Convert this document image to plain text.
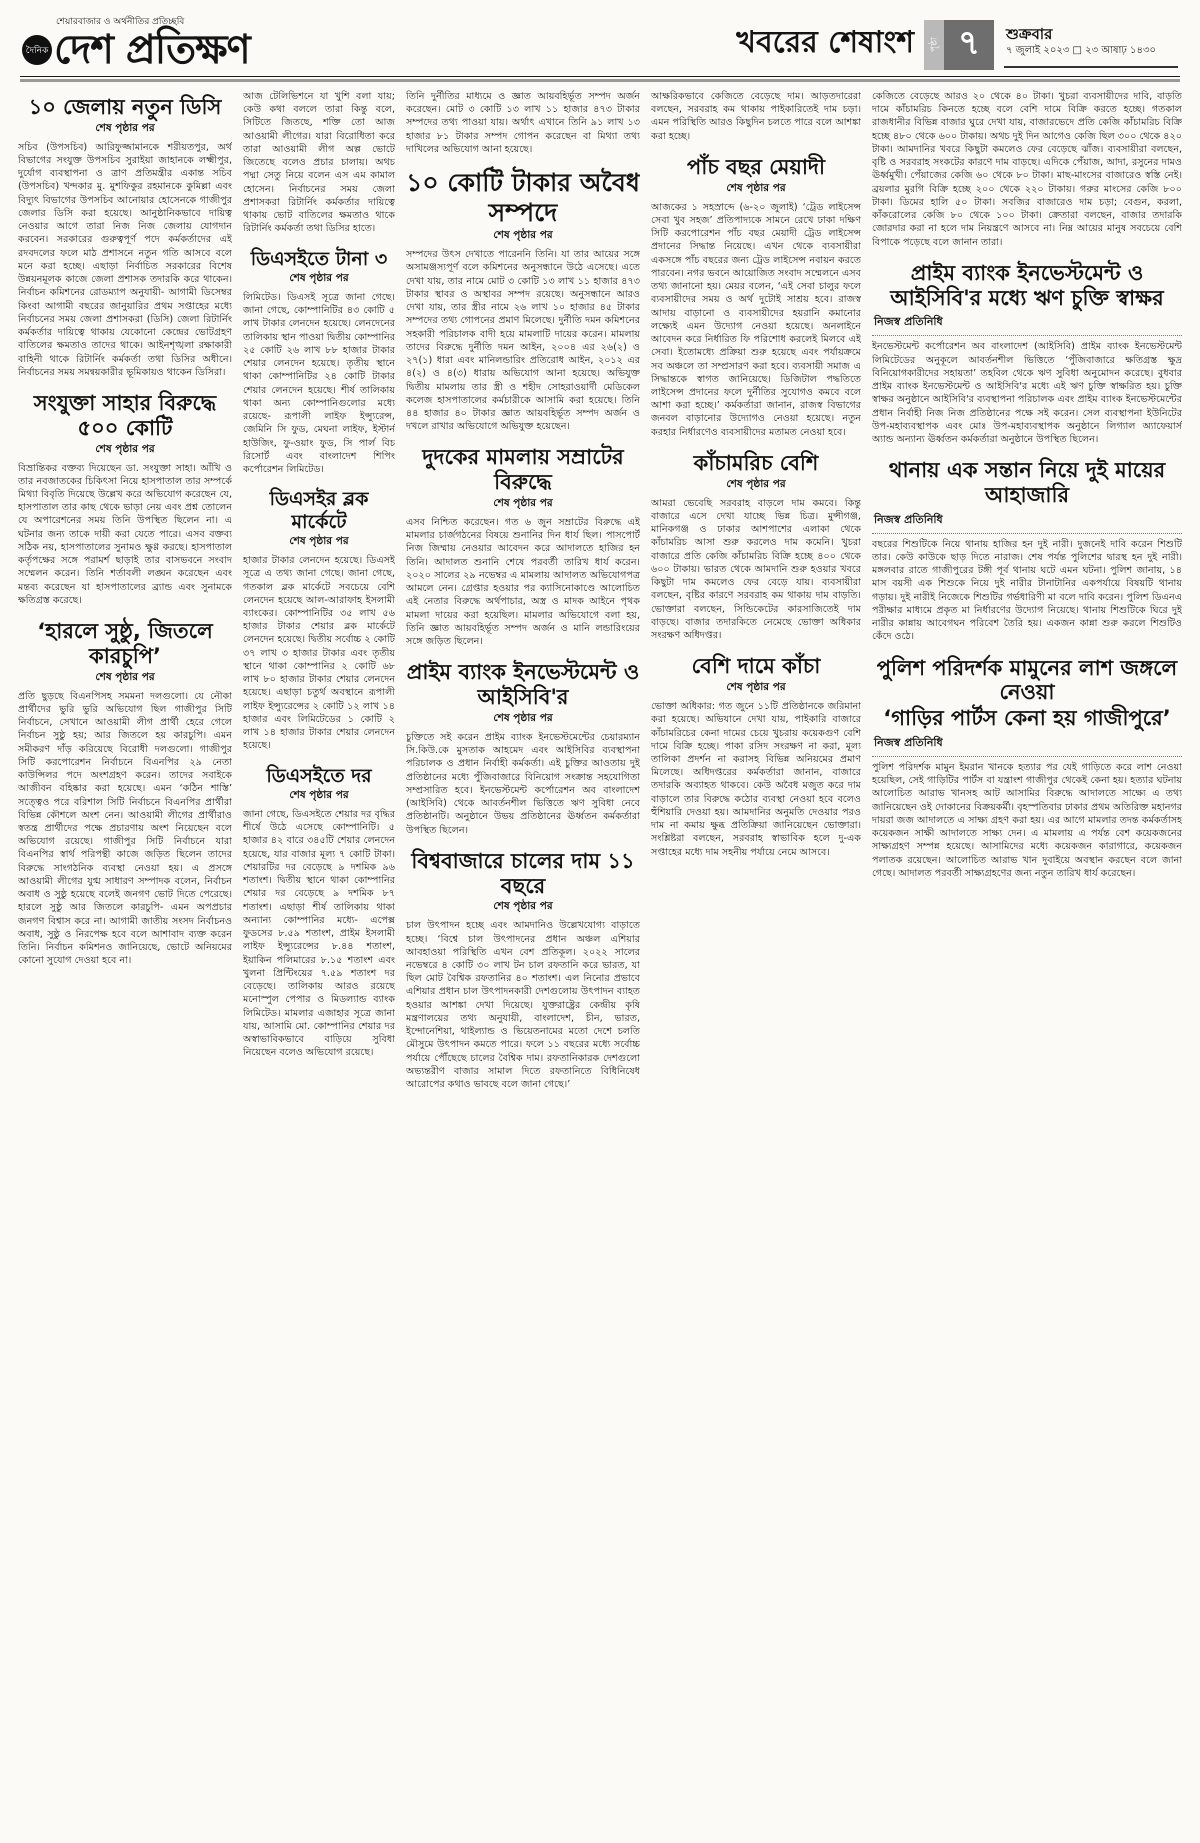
শেয়ারবাজার ও অর্থনীতির প্রতিচ্ছবি
দৈনিক দেশ প্রতিক্ষণ	খবরের শেষাংশ	পৃষ্ঠা ৭	শুক্রবার
৭ জুলাই ২০২৩ □ ২৩ আষাঢ় ১৪৩০
১০ জেলায় নতুন ডিসি
শেষ পৃষ্ঠার পর

সচিব (উপসচিব) আরিফুজ্জামানকে শরীয়তপুর, অর্থ বিভাগের সংযুক্ত উপসচিব সুরাইয়া জাহানকে লক্ষ্মীপুর, দুর্যোগ ব্যবস্থাপনা ও ত্রাণ প্রতিমন্ত্রীর একান্ত সচিব (উপসচিব) খন্দকার মু. মুশফিকুর রহমানকে কুমিল্লা এবং বিদ্যুৎ বিভাগের উপসচিব আনোয়ার হোসেনকে গাজীপুর জেলার ডিসি করা হয়েছে। আনুষ্ঠানিকভাবে দায়িত্ব নেওয়ার আগে তারা নিজ নিজ জেলায় যোগদান করবেন। সরকারের গুরুত্বপূর্ণ পদে কর্মকর্তাদের এই রদবদলের ফলে মাঠ প্রশাসনে নতুন গতি আসবে বলে মনে করা হচ্ছে। এছাড়া নির্বাচিত সরকারের বিশেষ উন্নয়নমূলক কাজে জেলা প্রশাসক তদারকি করে থাকেন। নির্বাচন কমিশনের রোডম্যাপ অনুযায়ী- আগামী ডিসেম্বর কিংবা আগামী বছরের জানুয়ারির প্রথম সপ্তাহের মধ্যে নির্বাচনের সময় জেলা প্রশাসকরা (ডিসি) জেলা রিটার্নিং কর্মকর্তার দায়িত্বে থাকায় যেকোনো কেন্দ্রের ভোটগ্রহণ বাতিলের ক্ষমতাও তাদের থাকে। আইনশৃঙ্খলা রক্ষাকারী বাহিনী থাকে রিটার্নিং কর্মকর্তা তথা ডিসির অধীনে। নির্বাচনের সময় সমন্বয়কারীর ভূমিকায়ও থাকেন ডিসিরা।

সংযুক্তা সাহার বিরুদ্ধে ৫০০ কোটি
শেষ পৃষ্ঠার পর

বিভ্রান্তিকর বক্তব্য দিয়েছেন ডা. সংযুক্তা সাহা। আঁখি ও তার নবজাতকের চিকিৎসা নিয়ে হাসপাতাল তার সম্পর্কে মিথ্যা বিবৃতি দিয়েছে উল্লেখ করে অভিযোগ করেছেন যে, হাসপাতাল তার কাছ থেকে ভাড়া নেয় এবং প্রশ্ন তোলেন যে অপারেশনের সময় তিনি উপস্থিত ছিলেন না। এ ঘটনার জন্য তাকে দায়ী করা যেতে পারে। এসব বক্তব্য সঠিক নয়, হাসপাতালের সুনামও ক্ষুণ্ণ করছে। হাসপাতাল কর্তৃপক্ষের সঙ্গে পরামর্শ ছাড়াই তার বাসভবনে সংবাদ সম্মেলন করেন। তিনি শর্তাবলী লঙ্ঘন করেছেন এবং মন্তব্য করেছেন যা হাসপাতালের ব্র্যান্ড এবং সুনামকে ক্ষতিগ্রস্ত করেছে।

‘হারলে সুষ্ঠু, জিতলে কারচুপি’
শেষ পৃষ্ঠার পর

প্রতি ছুড়ছে বিএনপিসহ সমমনা দলগুলো। যে নৌকা প্রার্থীদের ভুরি ভুরি অভিযোগ ছিল গাজীপুর সিটি নির্বাচনে, সেখানে আওয়ামী লীগ প্রার্থী হেরে গেলে নির্বাচন সুষ্ঠু হয়; আর জিতলে হয় কারচুপি। এমন সমীকরণ দাঁড় করিয়েছে বিরোধী দলগুলো। গাজীপুর সিটি করপোরেশন নির্বাচনে বিএনপির ২৯ নেতা কাউন্সিলর পদে অংশগ্রহণ করেন। তাদের সবাইকে আজীবন বহিষ্কার করা হয়েছে। এমন ‘কঠিন শাস্তি’ সত্ত্বেও পরে বরিশাল সিটি নির্বাচনে বিএনপির প্রার্থীরা বিভিন্ন কৌশলে অংশ নেন। আওয়ামী লীগের প্রার্থীরাও স্বতন্ত্র প্রার্থীদের পক্ষে প্রচারণায় অংশ নিয়েছেন বলে অভিযোগ রয়েছে। গাজীপুর সিটি নির্বাচনে যারা বিএনপির স্বার্থ পরিপন্থী কাজে জড়িত ছিলেন তাদের বিরুদ্ধে সাংগঠনিক ব্যবস্থা নেওয়া হয়। এ প্রসঙ্গে আওয়ামী লীগের যুগ্ম সাধারণ সম্পাদক বলেন, নির্বাচন অবাধ ও সুষ্ঠু হয়েছে বলেই জনগণ ভোট দিতে পেরেছে। হারলে সুষ্ঠু আর জিতলে কারচুপি- এমন অপপ্রচার জনগণ বিশ্বাস করে না। আগামী জাতীয় সংসদ নির্বাচনও অবাধ, সুষ্ঠু ও নিরপেক্ষ হবে বলে আশাবাদ ব্যক্ত করেন তিনি। নির্বাচন কমিশনও জানিয়েছে, ভোটে অনিয়মের কোনো সুযোগ দেওয়া হবে না।

আজ টেলিভিশনে যা খুশি বলা যায়; কেউ কথা বললে তারা কিন্তু বলে, সিটিতে জিতছে, শক্তি তো আজ আওয়ামী লীগের। যারা বিরোধিতা করে তারা আওয়ামী লীগ অল্প ভোটে জিতেছে বলেও প্রচার চালায়। অথচ পদ্মা সেতু নিয়ে বলেন এস এম কামাল হোসেন। নির্বাচনের সময় জেলা প্রশাসকরা রিটার্নিং কর্মকর্তার দায়িত্বে থাকায় ভোট বাতিলের ক্ষমতাও থাকে রিটার্নিং কর্মকর্তা তথা ডিসির হাতে।

ডিএসইতে টানা ৩
শেষ পৃষ্ঠার পর

লিমিটেড। ডিএসই সূত্রে জানা গেছে। জানা গেছে, কোম্পানিটির ৪৩ কোটি ৫ লাখ টাকার লেনদেন হয়েছে। লেনদেনের তালিকায় স্থান পাওয়া দ্বিতীয় কোম্পানির ২৫ কোটি ২৬ লাখ ৮৮ হাজার টাকার শেয়ার লেনদেন হয়েছে। তৃতীয় স্থানে থাকা কোম্পানিটির ২৪ কোটি টাকার শেয়ার লেনদেন হয়েছে। শীর্ষ তালিকায় থাকা অন্য কোম্পানিগুলোর মধ্যে রয়েছে- রূপালী লাইফ ইন্স্যুরেন্স, জেমিনি সি ফুড, মেঘনা লাইফ, ইস্টার্ন হাউজিং, ফু-ওয়াং ফুড, সি পার্ল বিচ রিসোর্ট এবং বাংলাদেশ শিপিং কর্পোরেশন লিমিটেড।

ডিএসইর ব্লক মার্কেটে
শেষ পৃষ্ঠার পর

হাজার টাকার লেনদেন হয়েছে। ডিএসই সূত্রে এ তথ্য জানা গেছে। জানা গেছে, গতকাল ব্লক মার্কেটে সবচেয়ে বেশি লেনদেন হয়েছে আল-আরাফাহ ইসলামী ব্যাংকের। কোম্পানিটির ৩৫ লাখ ৫৬ হাজার টাকার শেয়ার ব্লক মার্কেটে লেনদেন হয়েছে। দ্বিতীয় সর্বোচ্চ ২ কোটি ৩৭ লাখ ৩ হাজার টাকার এবং তৃতীয় স্থানে থাকা কোম্পানির ২ কোটি ৬৮ লাখ ৮০ হাজার টাকার শেয়ার লেনদেন হয়েছে। এছাড়া চতুর্থ অবস্থানে রূপালী লাইফ ইন্স্যুরেন্সের ২ কোটি ১২ লাখ ১৪ হাজার এবং লিমিটেডের ১ কোটি ২ লাখ ১৪ হাজার টাকার শেয়ার লেনদেন হয়েছে।

ডিএসইতে দর
শেষ পৃষ্ঠার পর

জানা গেছে, ডিএসইতে শেয়ার দর বৃদ্ধির শীর্ষে উঠে এসেছে কোম্পানিটি। ৫ হাজার ৪২ বারে ৩৪৫টি শেয়ার লেনদেন হয়েছে, যার বাজার মূল্য ৭ কোটি টাকা। শেয়ারটির দর বেড়েছে ৯ দশমিক ৯৬ শতাংশ। দ্বিতীয় স্থানে থাকা কোম্পানির শেয়ার দর বেড়েছে ৯ দশমিক ৮৭ শতাংশ। এছাড়া শীর্ষ তালিকায় থাকা অন্যান্য কোম্পানির মধ্যে- এপেক্স ফুডসের ৮.৫৯ শতাংশ, প্রাইম ইসলামী লাইফ ইন্স্যুরেন্সের ৮.৪৪ শতাংশ, ইয়াকিন পলিমারের ৮.১৫ শতাংশ এবং খুলনা প্রিন্টিংয়ের ৭.৫৯ শতাংশ দর বেড়েছে। তালিকায় আরও রয়েছে মনোস্পুল পেপার ও মিডল্যান্ড ব্যাংক লিমিটেড। মামলার এজাহার সূত্রে জানা যায়, আসামি মো. কোম্পানির শেয়ার দর অস্বাভাবিকভাবে বাড়িয়ে সুবিধা নিয়েছেন বলেও অভিযোগ রয়েছে।

তিনি দুর্নীতির মাধ্যমে ও জ্ঞাত আয়বহির্ভূত সম্পদ অর্জন করেছেন। মোট ৩ কোটি ১৩ লাখ ১১ হাজার ৪৭৩ টাকার সম্পদের তথ্য পাওয়া যায়। অর্থাৎ এখানে তিনি ৯১ লাখ ১৩ হাজার ৮১ টাকার সম্পদ গোপন করেছেন বা মিথ্যা তথ্য দাখিলের অভিযোগ আনা হয়েছে।

১০ কোটি টাকার অবৈধ সম্পদে
শেষ পৃষ্ঠার পর

সম্পদের উৎস দেখাতে পারেননি তিনি। যা তার আয়ের সঙ্গে অসামঞ্জস্যপূর্ণ বলে কমিশনের অনুসন্ধানে উঠে এসেছে। এতে দেখা যায়, তার নামে মোট ৩ কোটি ১৩ লাখ ১১ হাজার ৪৭৩ টাকার স্থাবর ও অস্থাবর সম্পদ রয়েছে। অনুসন্ধানে আরও দেখা যায়, তার স্ত্রীর নামে ২৬ লাখ ১০ হাজার ৪৫ টাকার সম্পদের তথ্য গোপনের প্রমাণ মিলেছে। দুর্নীতি দমন কমিশনের সহকারী পরিচালক বাদী হয়ে মামলাটি দায়ের করেন। মামলায় তাদের বিরুদ্ধে দুর্নীতি দমন আইন, ২০০৪ এর ২৬(২) ও ২৭(১) ধারা এবং মানিলন্ডারিং প্রতিরোধ আইন, ২০১২ এর ৪(২) ও ৪(৩) ধারায় অভিযোগ আনা হয়েছে। অভিযুক্ত দ্বিতীয় মামলায় তার স্ত্রী ও শহীদ সোহরাওয়ার্দী মেডিকেল কলেজ হাসপাতালের কর্মচারীকে আসামি করা হয়েছে। তিনি ৪৪ হাজার ৪০ টাকার জ্ঞাত আয়বহির্ভূত সম্পদ অর্জন ও দখলে রাখার অভিযোগে অভিযুক্ত হয়েছেন।

দুদকের মামলায় সম্রাটের বিরুদ্ধে
শেষ পৃষ্ঠার পর

এসব নিশ্চিত করেছেন। গত ৬ জুন সম্রাটের বিরুদ্ধে এই মামলার চার্জগঠনের বিষয়ে শুনানির দিন ধার্য ছিল। পাসপোর্ট নিজ জিম্মায় নেওয়ার আবেদন করে আদালতে হাজির হন তিনি। আদালত শুনানি শেষে পরবর্তী তারিখ ধার্য করেন। ২০২০ সালের ২৯ নভেম্বর এ মামলায় আদালত অভিযোগপত্র আমলে নেন। গ্রেপ্তার হওয়ার পর ক্যাসিনোকাণ্ডে আলোচিত এই নেতার বিরুদ্ধে অর্থপাচার, অস্ত্র ও মাদক আইনে পৃথক মামলা দায়ের করা হয়েছিল। মামলার অভিযোগে বলা হয়, তিনি জ্ঞাত আয়বহির্ভূত সম্পদ অর্জন ও মানি লন্ডারিংয়ের সঙ্গে জড়িত ছিলেন।

প্রাইম ব্যাংক ইনভেস্টমেন্ট ও আইসিবি'র
শেষ পৃষ্ঠার পর

চুক্তিতে সই করেন প্রাইম ব্যাংক ইনভেস্টমেন্টের চেয়ারম্যান সি.কিউ.কে মুসতাক আহমেদ এবং আইসিবির ব্যবস্থাপনা পরিচালক ও প্রধান নির্বাহী কর্মকর্তা। এই চুক্তির আওতায় দুই প্রতিষ্ঠানের মধ্যে পুঁজিবাজারে বিনিয়োগ সংক্রান্ত সহযোগিতা সম্প্রসারিত হবে। ইনভেস্টমেন্ট কর্পোরেশন অব বাংলাদেশ (আইসিবি) থেকে আবর্তনশীল ভিত্তিতে ঋণ সুবিধা নেবে প্রতিষ্ঠানটি। অনুষ্ঠানে উভয় প্রতিষ্ঠানের ঊর্ধ্বতন কর্মকর্তারা উপস্থিত ছিলেন।

বিশ্ববাজারে চালের দাম ১১ বছরে
শেষ পৃষ্ঠার পর

চাল উৎপাদন হচ্ছে এবং আমদানিও উল্লেখযোগ্য বাড়াতে হচ্ছে। ‘বিশ্বে চাল উৎপাদনের প্রধান অঞ্চল এশিয়ার আবহাওয়া পরিস্থিতি এখন বেশ প্রতিকূল। ২০২২ সালের নভেম্বরে ৪ কোটি ৩০ লাখ টন চাল রফতানি করে ভারত, যা ছিল মোট বৈশ্বিক রফতানির ৪০ শতাংশ। এল নিনোর প্রভাবে এশিয়ার প্রধান চাল উৎপাদনকারী দেশগুলোয় উৎপাদন ব্যাহত হওয়ার আশঙ্কা দেখা দিয়েছে। যুক্তরাষ্ট্রের কেন্দ্রীয় কৃষি মন্ত্রণালয়ের তথ্য অনুযায়ী, বাংলাদেশ, চীন, ভারত, ইন্দোনেশিয়া, থাইল্যান্ড ও ভিয়েতনামের মতো দেশে চলতি মৌসুমে উৎপাদন কমতে পারে। ফলে ১১ বছরের মধ্যে সর্বোচ্চ পর্যায়ে পৌঁছেছে চালের বৈশ্বিক দাম। রফতানিকারক দেশগুলো অভ্যন্তরীণ বাজার সামাল দিতে রফতানিতে বিধিনিষেধ আরোপের কথাও ভাবছে বলে জানা গেছে।’

আক্ষরিকভাবে কেজিতে বেড়েছে দাম। আড়তদারেরা বলছেন, সরবরাহ কম থাকায় পাইকারিতেই দাম চড়া। এমন পরিস্থিতি আরও কিছুদিন চলতে পারে বলে আশঙ্কা করা হচ্ছে।

পাঁচ বছর মেয়াদী
শেষ পৃষ্ঠার পর

আজকের ১ সহস্রাব্দে (৬-২০ জুলাই) ‘ট্রেড লাইসেন্স সেবা খুব সহজ’ প্রতিপাদ্যকে সামনে রেখে ঢাকা দক্ষিণ সিটি করপোরেশন পাঁচ বছর মেয়াদী ট্রেড লাইসেন্স প্রদানের সিদ্ধান্ত নিয়েছে। এখন থেকে ব্যবসায়ীরা একসঙ্গে পাঁচ বছরের জন্য ট্রেড লাইসেন্স নবায়ন করতে পারবেন। নগর ভবনে আয়োজিত সংবাদ সম্মেলনে এসব তথ্য জানানো হয়। মেয়র বলেন, ‘এই সেবা চালুর ফলে ব্যবসায়ীদের সময় ও অর্থ দুটোই সাশ্রয় হবে। রাজস্ব আদায় বাড়ানো ও ব্যবসায়ীদের হয়রানি কমানোর লক্ষ্যেই এমন উদ্যোগ নেওয়া হয়েছে। অনলাইনে আবেদন করে নির্ধারিত ফি পরিশোধ করলেই মিলবে এই সেবা। ইতোমধ্যে প্রক্রিয়া শুরু হয়েছে এবং পর্যায়ক্রমে সব অঞ্চলে তা সম্প্রসারণ করা হবে। ব্যবসায়ী সমাজ এ সিদ্ধান্তকে স্বাগত জানিয়েছে। ডিজিটাল পদ্ধতিতে লাইসেন্স প্রদানের ফলে দুর্নীতির সুযোগও কমবে বলে আশা করা হচ্ছে।’ কর্মকর্তারা জানান, রাজস্ব বিভাগের জনবল বাড়ানোর উদ্যোগও নেওয়া হয়েছে। নতুন করহার নির্ধারণেও ব্যবসায়ীদের মতামত নেওয়া হবে।

কাঁচামরিচ বেশি
শেষ পৃষ্ঠার পর

আমরা ভেবেছি সরবরাহ বাড়লে দাম কমবে। কিন্তু বাজারে এসে দেখা যাচ্ছে ভিন্ন চিত্র। মুন্সীগঞ্জ, মানিকগঞ্জ ও ঢাকার আশপাশের এলাকা থেকে কাঁচামরিচ আসা শুরু করলেও দাম কমেনি। খুচরা বাজারে প্রতি কেজি কাঁচামরিচ বিক্রি হচ্ছে ৪০০ থেকে ৬০০ টাকায়। ভারত থেকে আমদানি শুরু হওয়ার খবরে কিছুটা দাম কমলেও ফের বেড়ে যায়। ব্যবসায়ীরা বলছেন, বৃষ্টির কারণে সরবরাহ কম থাকায় দাম বাড়তি। ভোক্তারা বলছেন, সিন্ডিকেটের কারসাজিতেই দাম বাড়ছে। বাজার তদারকিতে নেমেছে ভোক্তা অধিকার সংরক্ষণ অধিদপ্তর।

বেশি দামে কাঁচা
শেষ পৃষ্ঠার পর

ভোক্তা অধিকার: গত জুনে ১১টি প্রতিষ্ঠানকে জরিমানা করা হয়েছে। অভিযানে দেখা যায়, পাইকারি বাজারে কাঁচামরিচের কেনা দামের চেয়ে খুচরায় কয়েকগুণ বেশি দামে বিক্রি হচ্ছে। পাকা রসিদ সংরক্ষণ না করা, মূল্য তালিকা প্রদর্শন না করাসহ বিভিন্ন অনিয়মের প্রমাণ মিলেছে। অধিদপ্তরের কর্মকর্তারা জানান, বাজারে তদারকি অব্যাহত থাকবে। কেউ অবৈধ মজুত করে দাম বাড়ালে তার বিরুদ্ধে কঠোর ব্যবস্থা নেওয়া হবে বলেও হুঁশিয়ারি দেওয়া হয়। আমদানির অনুমতি দেওয়ার পরও দাম না কমায় ক্ষুব্ধ প্রতিক্রিয়া জানিয়েছেন ভোক্তারা। সংশ্লিষ্টরা বলছেন, সরবরাহ স্বাভাবিক হলে দু-এক সপ্তাহের মধ্যে দাম সহনীয় পর্যায়ে নেমে আসবে।

কেজিতে বেড়েছে আরও ২০ থেকে ৪০ টাকা। খুচরা ব্যবসায়ীদের দাবি, বাড়তি দামে কাঁচামরিচ কিনতে হচ্ছে বলে বেশি দামে বিক্রি করতে হচ্ছে। গতকাল রাজধানীর বিভিন্ন বাজার ঘুরে দেখা যায়, বাজারভেদে প্রতি কেজি কাঁচামরিচ বিক্রি হচ্ছে ৪৮০ থেকে ৬০০ টাকায়। অথচ দুই দিন আগেও কেজি ছিল ৩০০ থেকে ৪২০ টাকা। আমদানির খবরে কিছুটা কমলেও ফের বেড়েছে ঝাঁজ। ব্যবসায়ীরা বলছেন, বৃষ্টি ও সরবরাহ সংকটের কারণে দাম বাড়ছে। এদিকে পেঁয়াজ, আদা, রসুনের দামও ঊর্ধ্বমুখী। পেঁয়াজের কেজি ৬০ থেকে ৮০ টাকা। মাছ-মাংসের বাজারেও স্বস্তি নেই। ব্রয়লার মুরগি বিক্রি হচ্ছে ২০০ থেকে ২২০ টাকায়। গরুর মাংসের কেজি ৮০০ টাকা। ডিমের হালি ৫০ টাকা। সবজির বাজারেও দাম চড়া; বেগুন, করলা, কাঁকরোলের কেজি ৮০ থেকে ১০০ টাকা। ক্রেতারা বলছেন, বাজার তদারকি জোরদার করা না হলে দাম নিয়ন্ত্রণে আসবে না। নিম্ন আয়ের মানুষ সবচেয়ে বেশি বিপাকে পড়েছে বলে জানান তারা।

প্রাইম ব্যাংক ইনভেস্টমেন্ট ও আইসিবি'র মধ্যে ঋণ চুক্তি স্বাক্ষর
নিজস্ব প্রতিনিধি

ইনভেস্টমেন্ট কর্পোরেশন অব বাংলাদেশ (আইসিবি) প্রাইম ব্যাংক ইনভেস্টমেন্ট লিমিটেডের অনুকূলে আবর্তনশীল ভিত্তিতে ‘পুঁজিবাজারে ক্ষতিগ্রস্ত ক্ষুদ্র বিনিয়োগকারীদের সহায়তা’ তহবিল থেকে ঋণ সুবিধা অনুমোদন করেছে। বুধবার প্রাইম ব্যাংক ইনভেস্টমেন্ট ও আইসিবি'র মধ্যে এই ঋণ চুক্তি স্বাক্ষরিত হয়। চুক্তি স্বাক্ষর অনুষ্ঠানে আইসিবি'র ব্যবস্থাপনা পরিচালক এবং প্রাইম ব্যাংক ইনভেস্টমেন্টের প্রধান নির্বাহী নিজ নিজ প্রতিষ্ঠানের পক্ষে সই করেন। সেল ব্যবস্থাপনা ইউনিটের উপ-মহাব্যবস্থাপক এবং মোঃ উপ-মহাব্যবস্থাপক অনুষ্ঠানে লিগ্যাল অ্যাফেয়ার্স অ্যান্ড অন্যান্য ঊর্ধ্বতন কর্মকর্তারা অনুষ্ঠানে উপস্থিত ছিলেন।

থানায় এক সন্তান নিয়ে দুই মায়ের আহাজারি
নিজস্ব প্রতিনিধি

বছরের শিশুটিকে নিয়ে থানায় হাজির হন দুই নারী। দুজনেই দাবি করেন শিশুটি তার। কেউ কাউকে ছাড় দিতে নারাজ। শেষ পর্যন্ত পুলিশের দ্বারস্থ হন দুই নারী। মঙ্গলবার রাতে গাজীপুরের টঙ্গী পূর্ব থানায় ঘটে এমন ঘটনা। পুলিশ জানায়, ১৪ মাস বয়সী এক শিশুকে নিয়ে দুই নারীর টানাটানির একপর্যায়ে বিষয়টি থানায় গড়ায়। দুই নারীই নিজেকে শিশুটির গর্ভধারিণী মা বলে দাবি করেন। পুলিশ ডিএনএ পরীক্ষার মাধ্যমে প্রকৃত মা নির্ধারণের উদ্যোগ নিয়েছে। থানায় শিশুটিকে ঘিরে দুই নারীর কান্নায় আবেগঘন পরিবেশ তৈরি হয়। একজন কান্না শুরু করলে শিশুটিও কেঁদে ওঠে।

পুলিশ পরিদর্শক মামুনের লাশ জঙ্গলে নেওয়া
‘গাড়ির পার্টস কেনা হয় গাজীপুরে’
নিজস্ব প্রতিনিধি

পুলিশ পরিদর্শক মামুন ইমরান খানকে হত্যার পর যেই গাড়িতে করে লাশ নেওয়া হয়েছিল, সেই গাড়িটির পার্টস বা যন্ত্রাংশ গাজীপুর থেকেই কেনা হয়। হত্যার ঘটনায় আলোচিত আরাভ খানসহ আট আসামির বিরুদ্ধে আদালতে সাক্ষ্যে এ তথ্য জানিয়েছেন ওই দোকানের বিক্রয়কর্মী। বৃহস্পতিবার ঢাকার প্রথম অতিরিক্ত মহানগর দায়রা জজ আদালতে এ সাক্ষ্য গ্রহণ করা হয়। এর আগে মামলার তদন্ত কর্মকর্তাসহ কয়েকজন সাক্ষী আদালতে সাক্ষ্য দেন। এ মামলায় এ পর্যন্ত বেশ কয়েকজনের সাক্ষ্যগ্রহণ সম্পন্ন হয়েছে। আসামিদের মধ্যে কয়েকজন কারাগারে, কয়েকজন পলাতক রয়েছেন। আলোচিত আরাভ খান দুবাইয়ে অবস্থান করছেন বলে জানা গেছে। আদালত পরবর্তী সাক্ষ্যগ্রহণের জন্য নতুন তারিখ ধার্য করেছেন।
